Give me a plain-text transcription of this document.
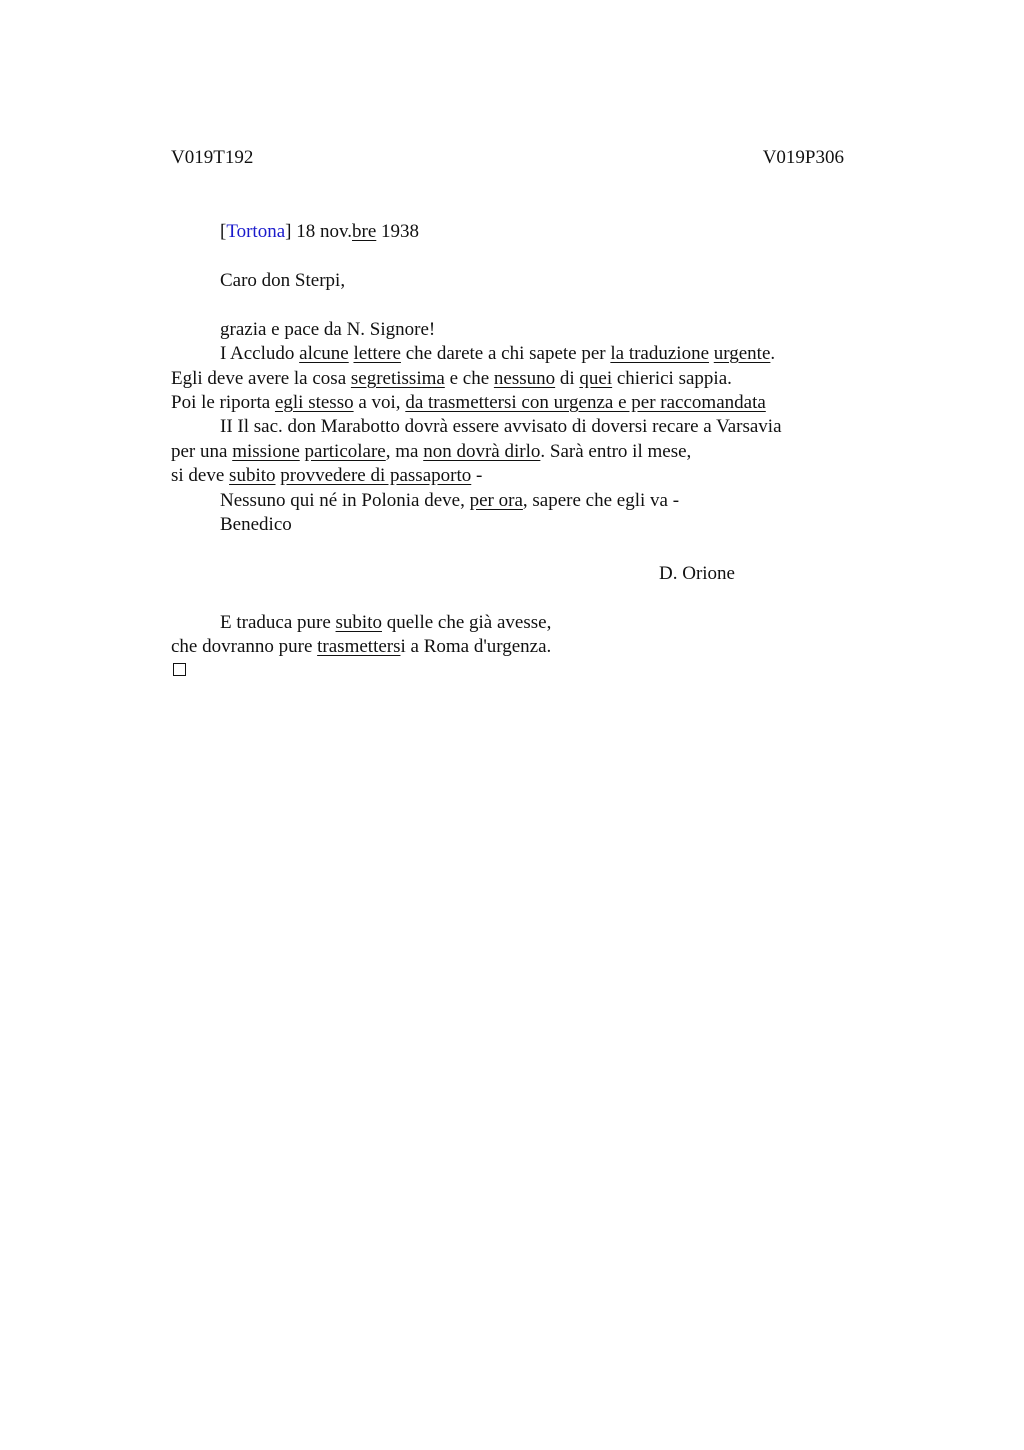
V019T192	V019P306
[Tortona] 18 nov.bre 1938
Caro don Sterpi,
grazia e pace da N. Signore!
I Accludo alcune lettere che darete a chi sapete per la traduzione urgente.
Egli deve avere la cosa segretissima e che nessuno di quei chierici sappia.
Poi le riporta egli stesso a voi, da trasmettersi con urgenza e per raccomandata
II Il sac. don Marabotto dovrà essere avvisato di doversi recare a Varsavia
per una missione particolare, ma non dovrà dirlo. Sarà entro il mese,
si deve subito provvedere di passaporto -
Nessuno qui né in Polonia deve, per ora, sapere che egli va -
Benedico
D. Orione
E traduca pure subito quelle che già avesse,
che dovranno pure trasmettersi a Roma d'urgenza.
